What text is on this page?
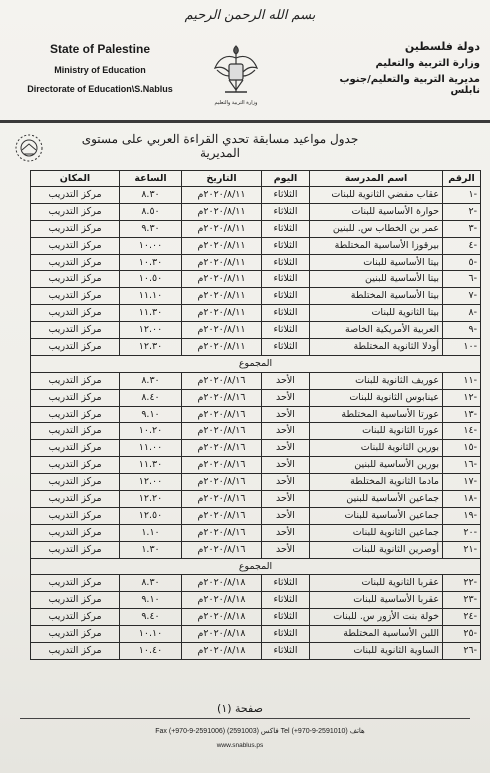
بسم الله الرحمن الرحيم
State of Palestine
Ministry of Education
Directorate of Education\S.Nablus
وزارة التربية والتعليم
دولة فلسطين
وزارة التربية والتعليم
مديرية التربية والتعليم/جنوب نابلس
جدول مواعيد مسابقة تحدي القراءة العربي على مستوى المديرية
الرقم	اسم المدرسة	اليوم	التاريخ	الساعة	المكان
-١	عقاب مفضي الثانوية للبنات	الثلاثاء	٢٠٢٠/٨/١١م	٨.٣٠	مركز التدريب
-٢	حوارة الأساسية للبنات	الثلاثاء	٢٠٢٠/٨/١١م	٨.٥٠	مركز التدريب
-٣	عمر بن الخطاب س. للبنين	الثلاثاء	٢٠٢٠/٨/١١م	٩.٣٠	مركز التدريب
-٤	بيرقوزا الأساسية المختلطة	الثلاثاء	٢٠٢٠/٨/١١م	١٠.٠٠	مركز التدريب
-٥	بيتا الأساسية للبنات	الثلاثاء	٢٠٢٠/٨/١١م	١٠.٣٠	مركز التدريب
-٦	بيتا الأساسية للبنين	الثلاثاء	٢٠٢٠/٨/١١م	١٠.٥٠	مركز التدريب
-٧	بيتا الأساسية المختلطة	الثلاثاء	٢٠٢٠/٨/١١م	١١.١٠	مركز التدريب
-٨	بيتا الثانوية للبنات	الثلاثاء	٢٠٢٠/٨/١١م	١١.٣٠	مركز التدريب
-٩	العربية الأمريكية الخاصة	الثلاثاء	٢٠٢٠/٨/١١م	١٢.٠٠	مركز التدريب
-١٠	أودلا الثانوية المختلطة	الثلاثاء	٢٠٢٠/٨/١١م	١٢.٣٠	مركز التدريب
المجموع					
-١١	عوريف الثانوية للبنات	الأحد	٢٠٢٠/٨/١٦م	٨.٣٠	مركز التدريب
-١٢	عينابوس الثانوية للبنات	الأحد	٢٠٢٠/٨/١٦م	٨.٤٠	مركز التدريب
-١٣	عورتا الأساسية المختلطة	الأحد	٢٠٢٠/٨/١٦م	٩.١٠	مركز التدريب
-١٤	عورتا الثانوية للبنات	الأحد	٢٠٢٠/٨/١٦م	١٠.٢٠	مركز التدريب
-١٥	بورين الثانوية للبنات	الأحد	٢٠٢٠/٨/١٦م	١١.٠٠	مركز التدريب
-١٦	بورين الأساسية للبنين	الأحد	٢٠٢٠/٨/١٦م	١١.٣٠	مركز التدريب
-١٧	مادما الثانوية المختلطة	الأحد	٢٠٢٠/٨/١٦م	١٢.٠٠	مركز التدريب
-١٨	جماعين الأساسية للبنين	الأحد	٢٠٢٠/٨/١٦م	١٢.٢٠	مركز التدريب
-١٩	جماعين الأساسية للبنات	الأحد	٢٠٢٠/٨/١٦م	١٢.٥٠	مركز التدريب
-٢٠	جماعين الثانوية للبنات	الأحد	٢٠٢٠/٨/١٦م	١.١٠	مركز التدريب
-٢١	أوصرين الثانوية للبنات	الأحد	٢٠٢٠/٨/١٦م	١.٣٠	مركز التدريب
المجموع					
-٢٢	عقربا الثانوية للبنات	الثلاثاء	٢٠٢٠/٨/١٨م	٨.٣٠	مركز التدريب
-٢٣	عقربا الأساسية للبنات	الثلاثاء	٢٠٢٠/٨/١٨م	٩.١٠	مركز التدريب
-٢٤	خولة بنت الأزور س. للبنات	الثلاثاء	٢٠٢٠/٨/١٨م	٩.٤٠	مركز التدريب
-٢٥	اللبن الأساسية المختلطة	الثلاثاء	٢٠٢٠/٨/١٨م	١٠.١٠	مركز التدريب
-٢٦	الساوية الثانوية للبنات	الثلاثاء	٢٠٢٠/٨/١٨م	١٠.٤٠	مركز التدريب
صفحة (١)
Fax (+970-9-2591006) فاكس (2591003) Tel (+970-9-2591010) هاتف
www.snablus.ps
